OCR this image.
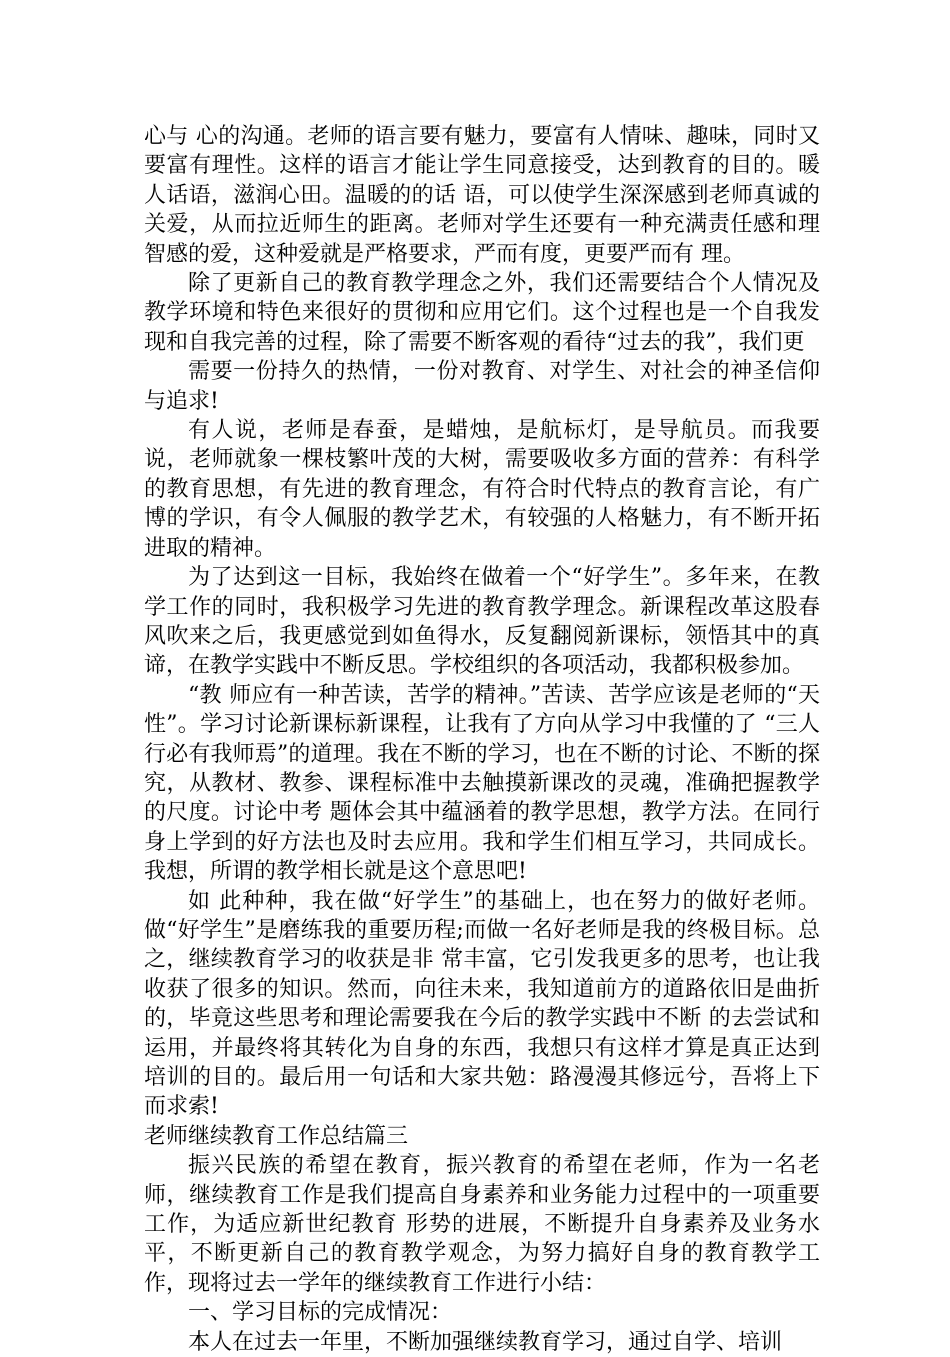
心与 心的沟通。老师的语言要有魅力，要富有人情味、趣味，同时又要富有理性。这样的语言才能让学生同意接受，达到教育的目的。暖人话语，滋润心田。温暖的的话 语，可以使学生深深感到老师真诚的关爱，从而拉近师生的距离。老师对学生还要有一种充满责任感和理智感的爱，这种爱就是严格要求，严而有度，更要严而有 理。

除了更新自己的教育教学理念之外，我们还需要结合个人情况及教学环境和特色来很好的贯彻和应用它们。这个过程也是一个自我发现和自我完善的过程，除了需要不断客观的看待“过去的我”，我们更

需要一份持久的热情，一份对教育、对学生、对社会的神圣信仰与追求!

有人说，老师是春蚕，是蜡烛，是航标灯，是导航员。而我要说，老师就象一棵枝繁叶茂的大树，需要吸收多方面的营养：有科学的教育思想，有先进的教育理念，有符合时代特点的教育言论，有广博的学识，有令人佩服的教学艺术，有较强的人格魅力，有不断开拓进取的精神。

为了达到这一目标，我始终在做着一个“好学生”。多年来，在教学工作的同时，我积极学习先进的教育教学理念。新课程改革这股春风吹来之后，我更感觉到如鱼得水，反复翻阅新课标，领悟其中的真谛，在教学实践中不断反思。学校组织的各项活动，我都积极参加。

“教 师应有一种苦读，苦学的精神。”苦读、苦学应该是老师的“天性”。学习讨论新课标新课程，让我有了方向从学习中我懂的了 “三人行必有我师焉”的道理。我在不断的学习，也在不断的讨论、不断的探究，从教材、教参、课程标准中去触摸新课改的灵魂，准确把握教学的尺度。讨论中考 题体会其中蕴涵着的教学思想，教学方法。在同行身上学到的好方法也及时去应用。我和学生们相互学习，共同成长。我想，所谓的教学相长就是这个意思吧!

如 此种种，我在做“好学生”的基础上，也在努力的做好老师。做“好学生”是磨练我的重要历程;而做一名好老师是我的终极目标。总之，继续教育学习的收获是非 常丰富，它引发我更多的思考，也让我收获了很多的知识。然而，向往未来，我知道前方的道路依旧是曲折的，毕竟这些思考和理论需要我在今后的教学实践中不断 的去尝试和运用，并最终将其转化为自身的东西，我想只有这样才算是真正达到培训的目的。最后用一句话和大家共勉：路漫漫其修远兮，吾将上下而求索!

老师继续教育工作总结篇三

振兴民族的希望在教育，振兴教育的希望在老师，作为一名老师，继续教育工作是我们提高自身素养和业务能力过程中的一项重要工作，为适应新世纪教育 形势的进展，不断提升自身素养及业务水平，不断更新自己的教育教学观念，为努力搞好自身的教育教学工作，现将过去一学年的继续教育工作进行小结：

一、学习目标的完成情况：

本人在过去一年里，不断加强继续教育学习，通过自学、培训
